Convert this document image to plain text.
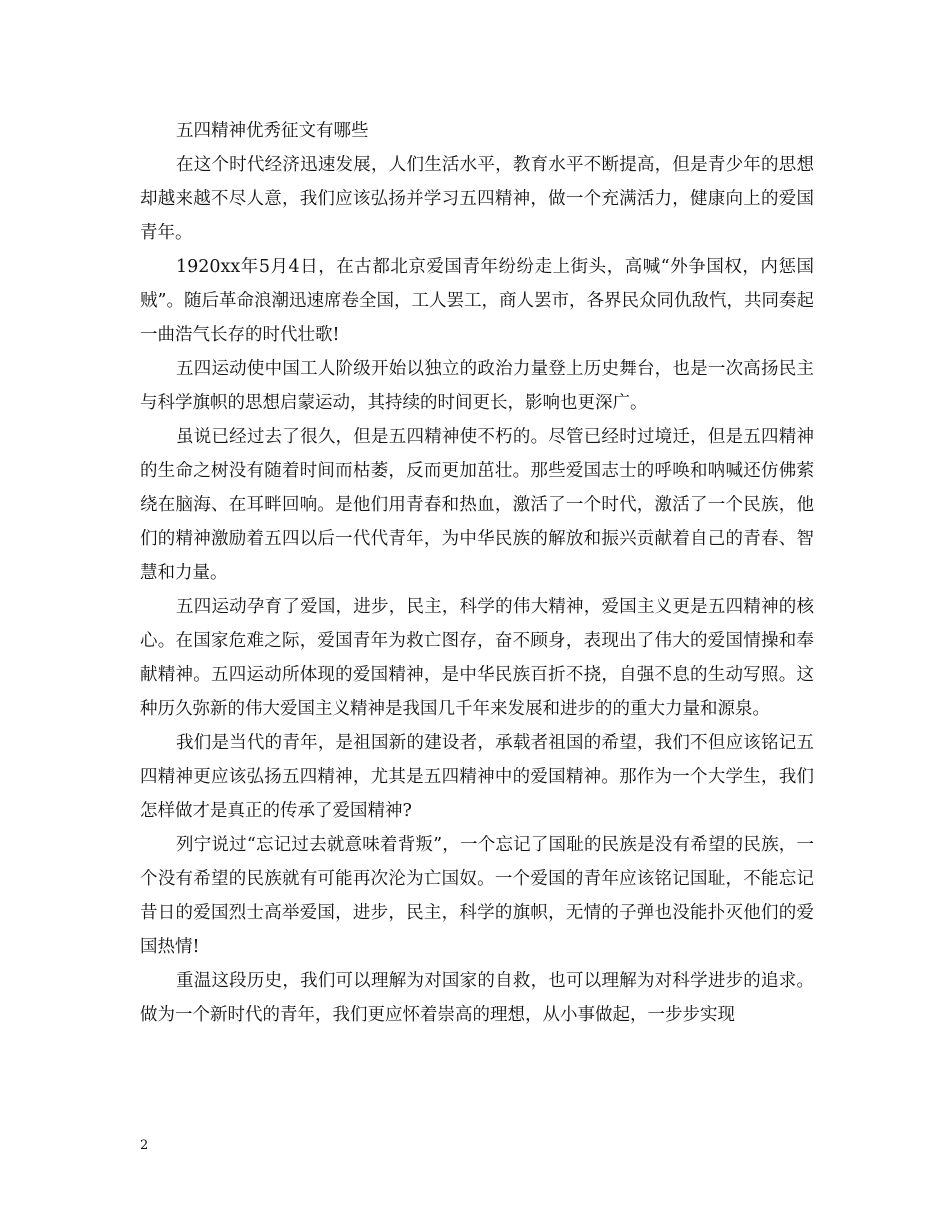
五四精神优秀征文有哪些

在这个时代经济迅速发展，人们生活水平，教育水平不断提高，但是青少年的思想却越来越不尽人意，我们应该弘扬并学习五四精神，做一个充满活力，健康向上的爱国青年。

1920xx年5月4日，在古都北京爱国青年纷纷走上街头，高喊“外争国权，内惩国贼”。随后革命浪潮迅速席卷全国，工人罢工，商人罢市，各界民众同仇敌忾，共同奏起一曲浩气长存的时代壮歌!

五四运动使中国工人阶级开始以独立的政治力量登上历史舞台，也是一次高扬民主与科学旗帜的思想启蒙运动，其持续的时间更长，影响也更深广。

虽说已经过去了很久，但是五四精神使不朽的。尽管已经时过境迁，但是五四精神的生命之树没有随着时间而枯萎，反而更加茁壮。那些爱国志士的呼唤和呐喊还仿佛萦绕在脑海、在耳畔回响。是他们用青春和热血，激活了一个时代，激活了一个民族，他们的精神激励着五四以后一代代青年，为中华民族的解放和振兴贡献着自己的青春、智慧和力量。

五四运动孕育了爱国，进步，民主，科学的伟大精神，爱国主义更是五四精神的核心。在国家危难之际，爱国青年为救亡图存，奋不顾身，表现出了伟大的爱国情操和奉献精神。五四运动所体现的爱国精神，是中华民族百折不挠，自强不息的生动写照。这种历久弥新的伟大爱国主义精神是我国几千年来发展和进步的的重大力量和源泉。

我们是当代的青年，是祖国新的建设者，承载者祖国的希望，我们不但应该铭记五四精神更应该弘扬五四精神，尤其是五四精神中的爱国精神。那作为一个大学生，我们怎样做才是真正的传承了爱国精神?

列宁说过“忘记过去就意味着背叛”，一个忘记了国耻的民族是没有希望的民族，一个没有希望的民族就有可能再次沦为亡国奴。一个爱国的青年应该铭记国耻，不能忘记昔日的爱国烈士高举爱国，进步，民主，科学的旗帜，无情的子弹也没能扑灭他们的爱国热情!

重温这段历史，我们可以理解为对国家的自救，也可以理解为对科学进步的追求。做为一个新时代的青年，我们更应怀着崇高的理想，从小事做起，一步步实现

2
